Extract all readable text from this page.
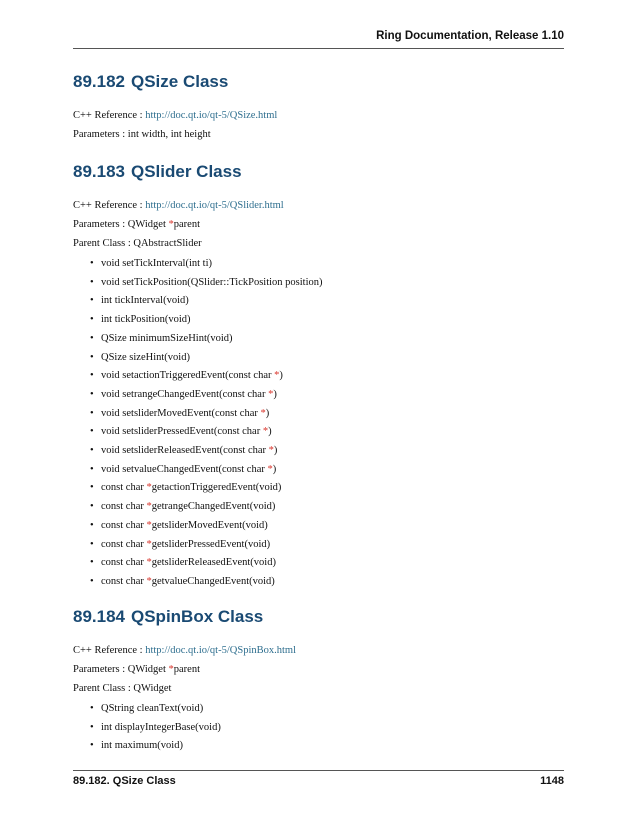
Ring Documentation, Release 1.10
89.182 QSize Class
C++ Reference : http://doc.qt.io/qt-5/QSize.html
Parameters : int width, int height
89.183 QSlider Class
C++ Reference : http://doc.qt.io/qt-5/QSlider.html
Parameters : QWidget *parent
Parent Class : QAbstractSlider
• void setTickInterval(int ti)
• void setTickPosition(QSlider::TickPosition position)
• int tickInterval(void)
• int tickPosition(void)
• QSize minimumSizeHint(void)
• QSize sizeHint(void)
• void setactionTriggeredEvent(const char *)
• void setrangeChangedEvent(const char *)
• void setsliderMovedEvent(const char *)
• void setsliderPressedEvent(const char *)
• void setsliderReleasedEvent(const char *)
• void setvalueChangedEvent(const char *)
• const char *getactionTriggeredEvent(void)
• const char *getrangeChangedEvent(void)
• const char *getsliderMovedEvent(void)
• const char *getsliderPressedEvent(void)
• const char *getsliderReleasedEvent(void)
• const char *getvalueChangedEvent(void)
89.184 QSpinBox Class
C++ Reference : http://doc.qt.io/qt-5/QSpinBox.html
Parameters : QWidget *parent
Parent Class : QWidget
• QString cleanText(void)
• int displayIntegerBase(void)
• int maximum(void)
89.182. QSize Class	1148
